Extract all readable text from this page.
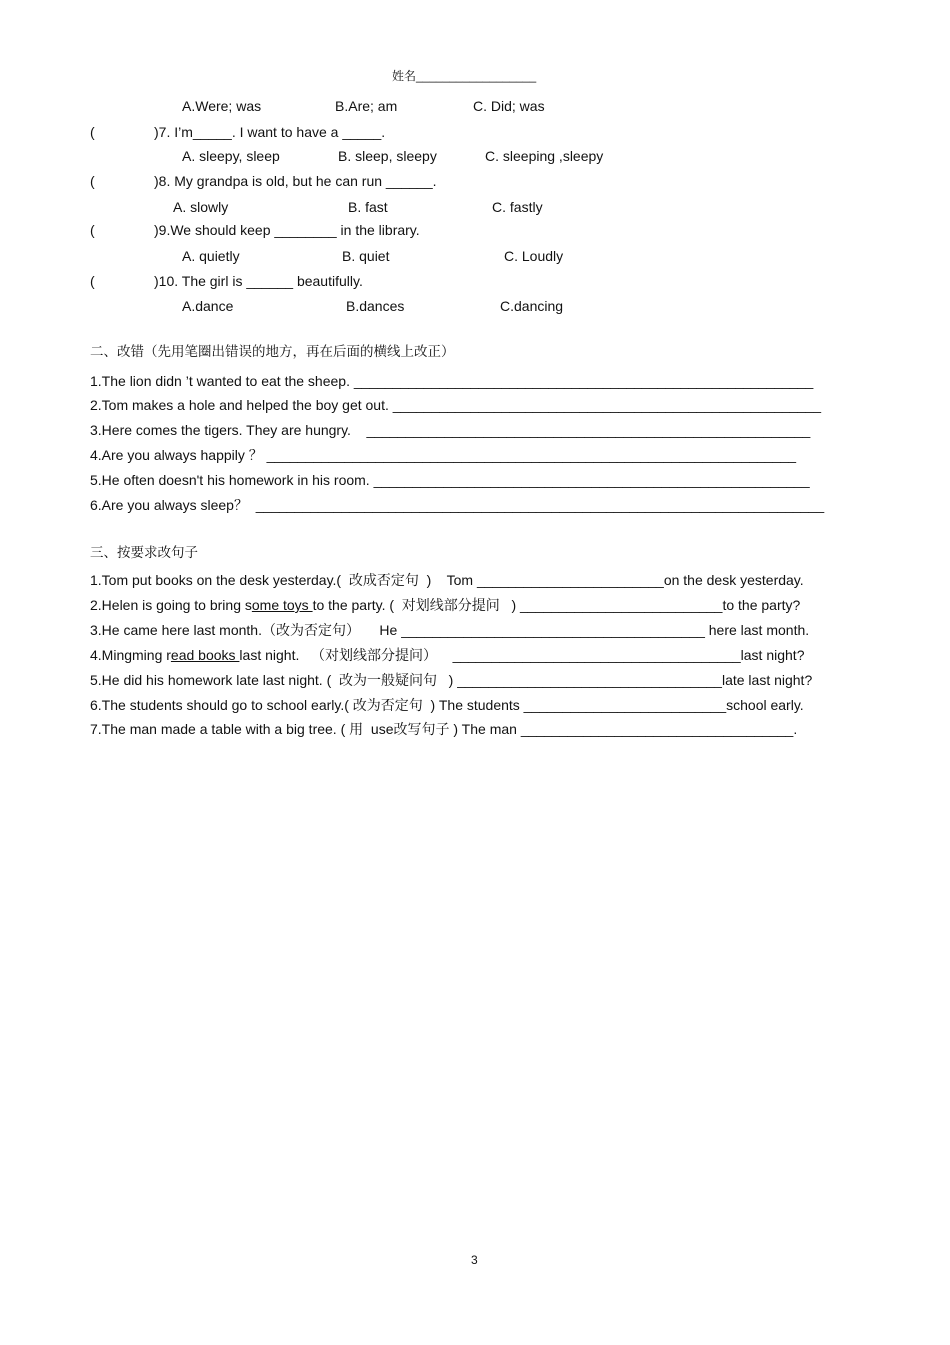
姓名__________________
A.Were; was	B.Are; am	C. Did; was
(	)7. I’m_____. I want to have a _____.
A. sleepy, sleep	B. sleep, sleepy	C. sleeping ,sleepy
(	)8. My grandpa is old, but he can run ______.
A. slowly	B. fast	C. fastly
(	)9.We should keep ________ in the library.
A. quietly	B. quiet	C. Loudly
(	)10. The girl is ______ beautifully.
A.dance	B.dances	C.dancing
二、改错（先用笔圈出错误的地方，再在后面的横线上改正）
1.The lion didn ’t wanted to eat the sheep. ___________________________________________________________
2.Tom makes a hole and helped the boy get out. _______________________________________________________
3.Here comes the tigers. They are hungry.    _________________________________________________________
4.Are you always happily ？ ____________________________________________________________________
5.He often doesn't his homework in his room. ________________________________________________________
6.Are you always sleep？  _________________________________________________________________________
三、按要求改句子
1.Tom put books on the desk yesterday.(  改成否定句  )    Tom ________________________on the desk yesterday.
2.Helen is going to bring some toys to the party. (  对划线部分提问   ) __________________________to the party?
3.He came here last month.（改为否定句）     He _______________________________________ here last month.
4.Mingming read books last night.   （对划线部分提问）    _____________________________________last night?
5.He did his homework late last night. (  改为一般疑问句   ) __________________________________late last night?
6.The students should go to school early.( 改为否定句  ) The students __________________________school early.
7.The man made a table with a big tree. ( 用  use改写句子 ) The man ___________________________________.
3
